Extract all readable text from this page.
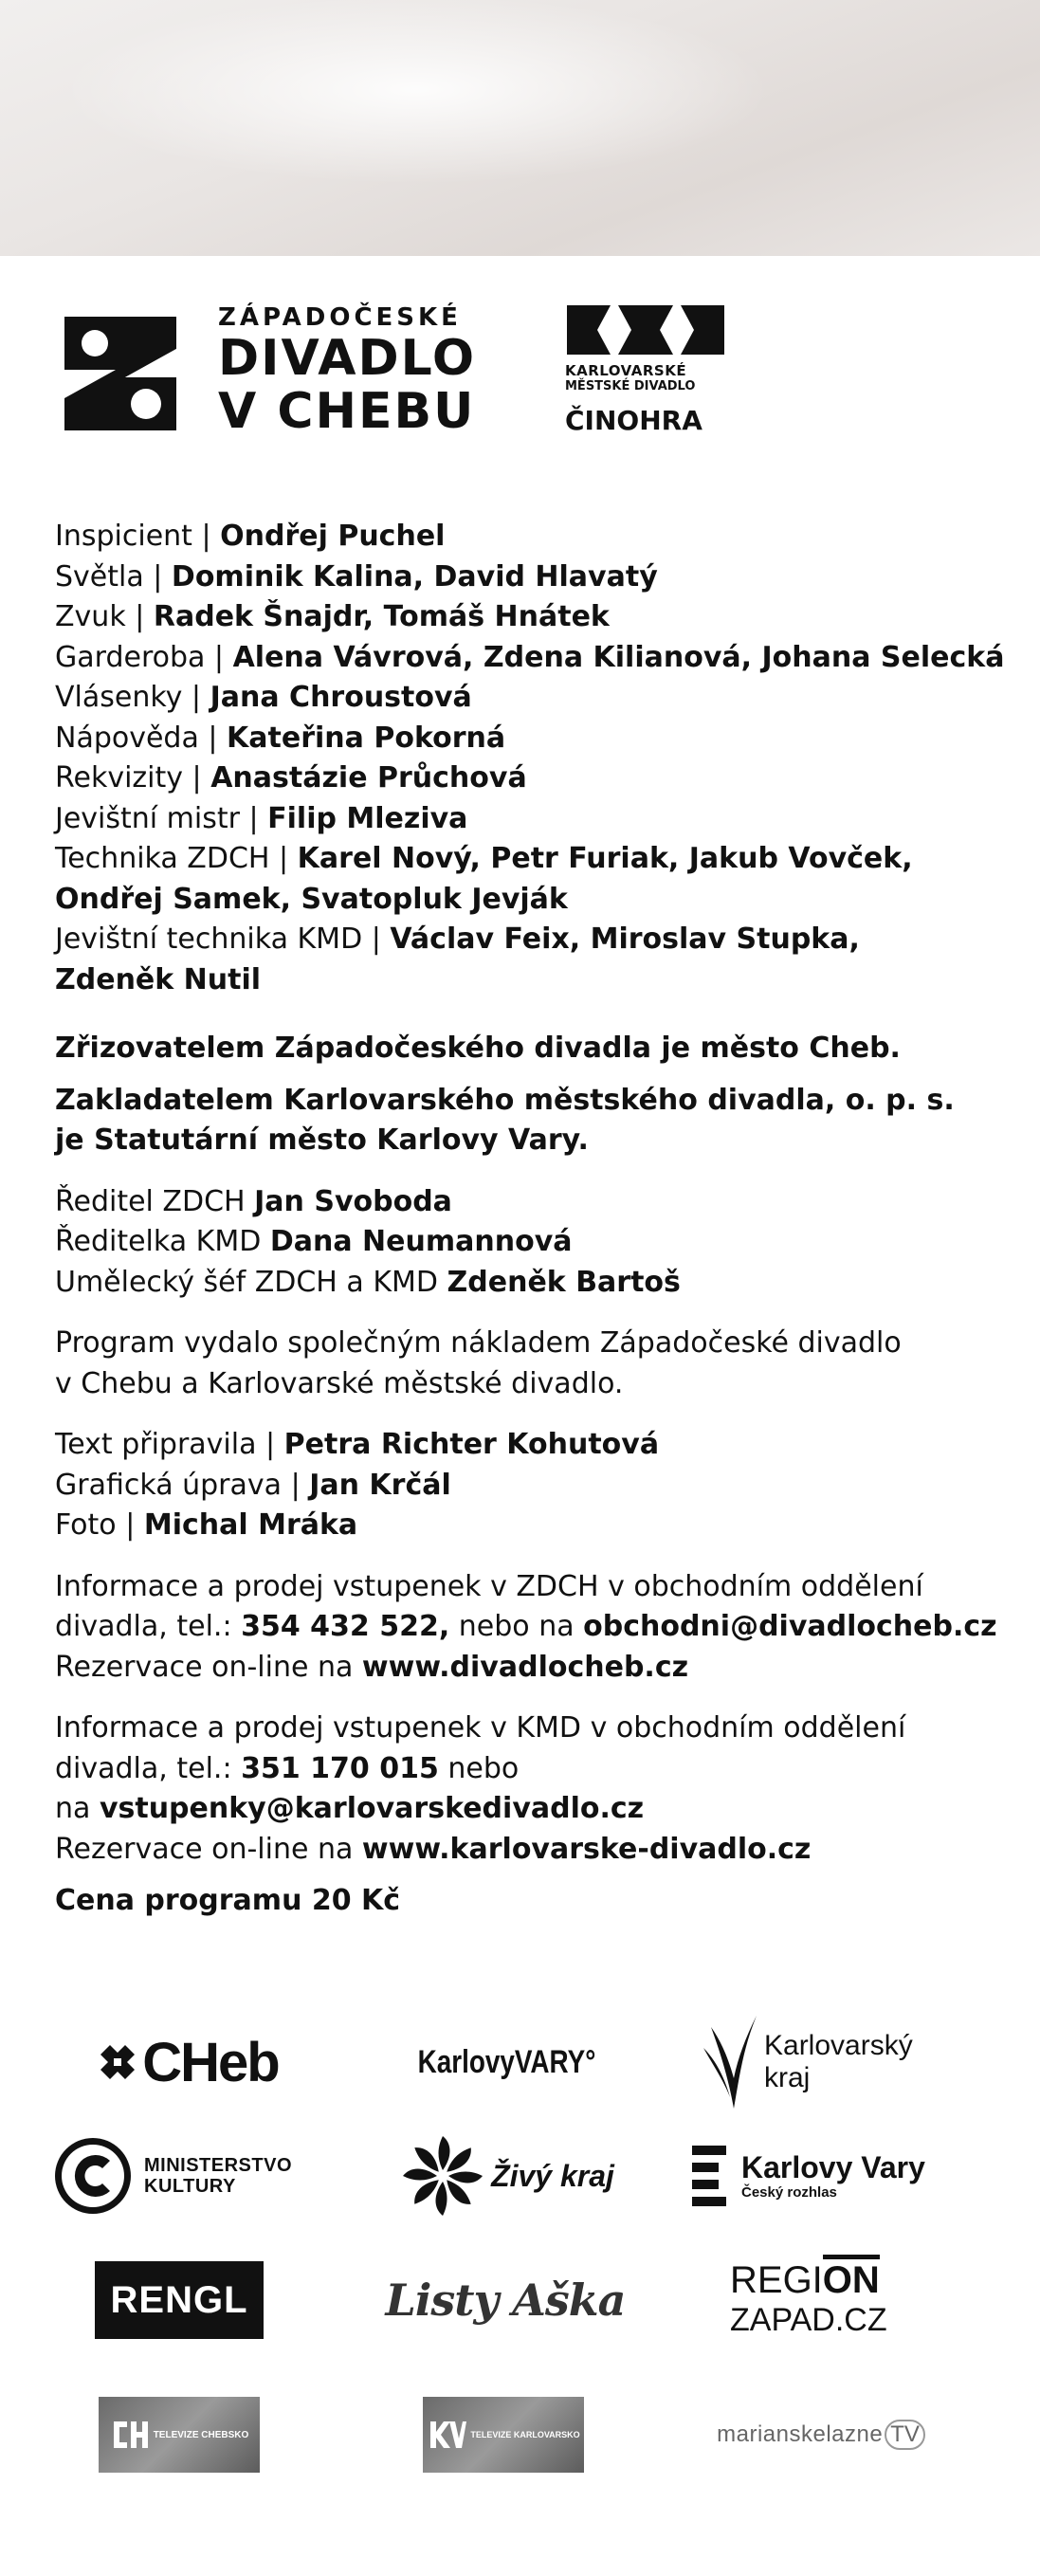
ZÁPADOČESKÉ
DIVADLO
V CHEBU
KARLOVARSKÉ
MĚSTSKÉ DIVADLO
ČINOHRA

Inspicient | Ondřej Puchel

Světla | Dominik Kalina, David Hlavatý

Zvuk | Radek Šnajdr, Tomáš Hnátek

Garderoba | Alena Vávrová, Zdena Kilianová, Johana Selecká

Vlásenky | Jana Chroustová

Nápověda | Kateřina Pokorná

Rekvizity | Anastázie Průchová

Jevištní mistr | Filip Mleziva

Technika ZDCH | Karel Nový, Petr Furiak, Jakub Vovček,

Ondřej Samek, Svatopluk Jevják

Jevištní technika KMD | Václav Feix, Miroslav Stupka,

Zdeněk Nutil

Zřizovatelem Západočeského divadla je město Cheb.

Zakladatelem Karlovarského městského divadla, o. p. s.

je Statutární město Karlovy Vary.

Ředitel ZDCH Jan Svoboda

Ředitelka KMD Dana Neumannová

Umělecký šéf ZDCH a KMD Zdeněk Bartoš

Program vydalo společným nákladem Západočeské divadlo

v Chebu a Karlovarské městské divadlo.

Text připravila | Petra Richter Kohutová

Grafická úprava | Jan Krčál

Foto | Michal Mráka

Informace a prodej vstupenek v ZDCH v obchodním oddělení

divadla, tel.: 354 432 522, nebo na obchodni@divadlocheb.cz

Rezervace on-line na www.divadlocheb.cz

Informace a prodej vstupenek v KMD v obchodním oddělení

divadla, tel.: 351 170 015 nebo

na vstupenky@karlovarskedivadlo.cz

Rezervace on-line na www.karlovarske-divadlo.cz

Cena programu 20 Kč

CHeb	KarlovyVARY°	Karlovarský
kraj
MINISTERSTVO
KULTURY	Živý kraj	Karlovy Vary
Český rozhlas
RENGL	Listy Aška	REGION
ZAPAD.CZ
TELEVIZE CHEBSKO	TELEVIZE KARLOVARSKO	marianskelazne TV
